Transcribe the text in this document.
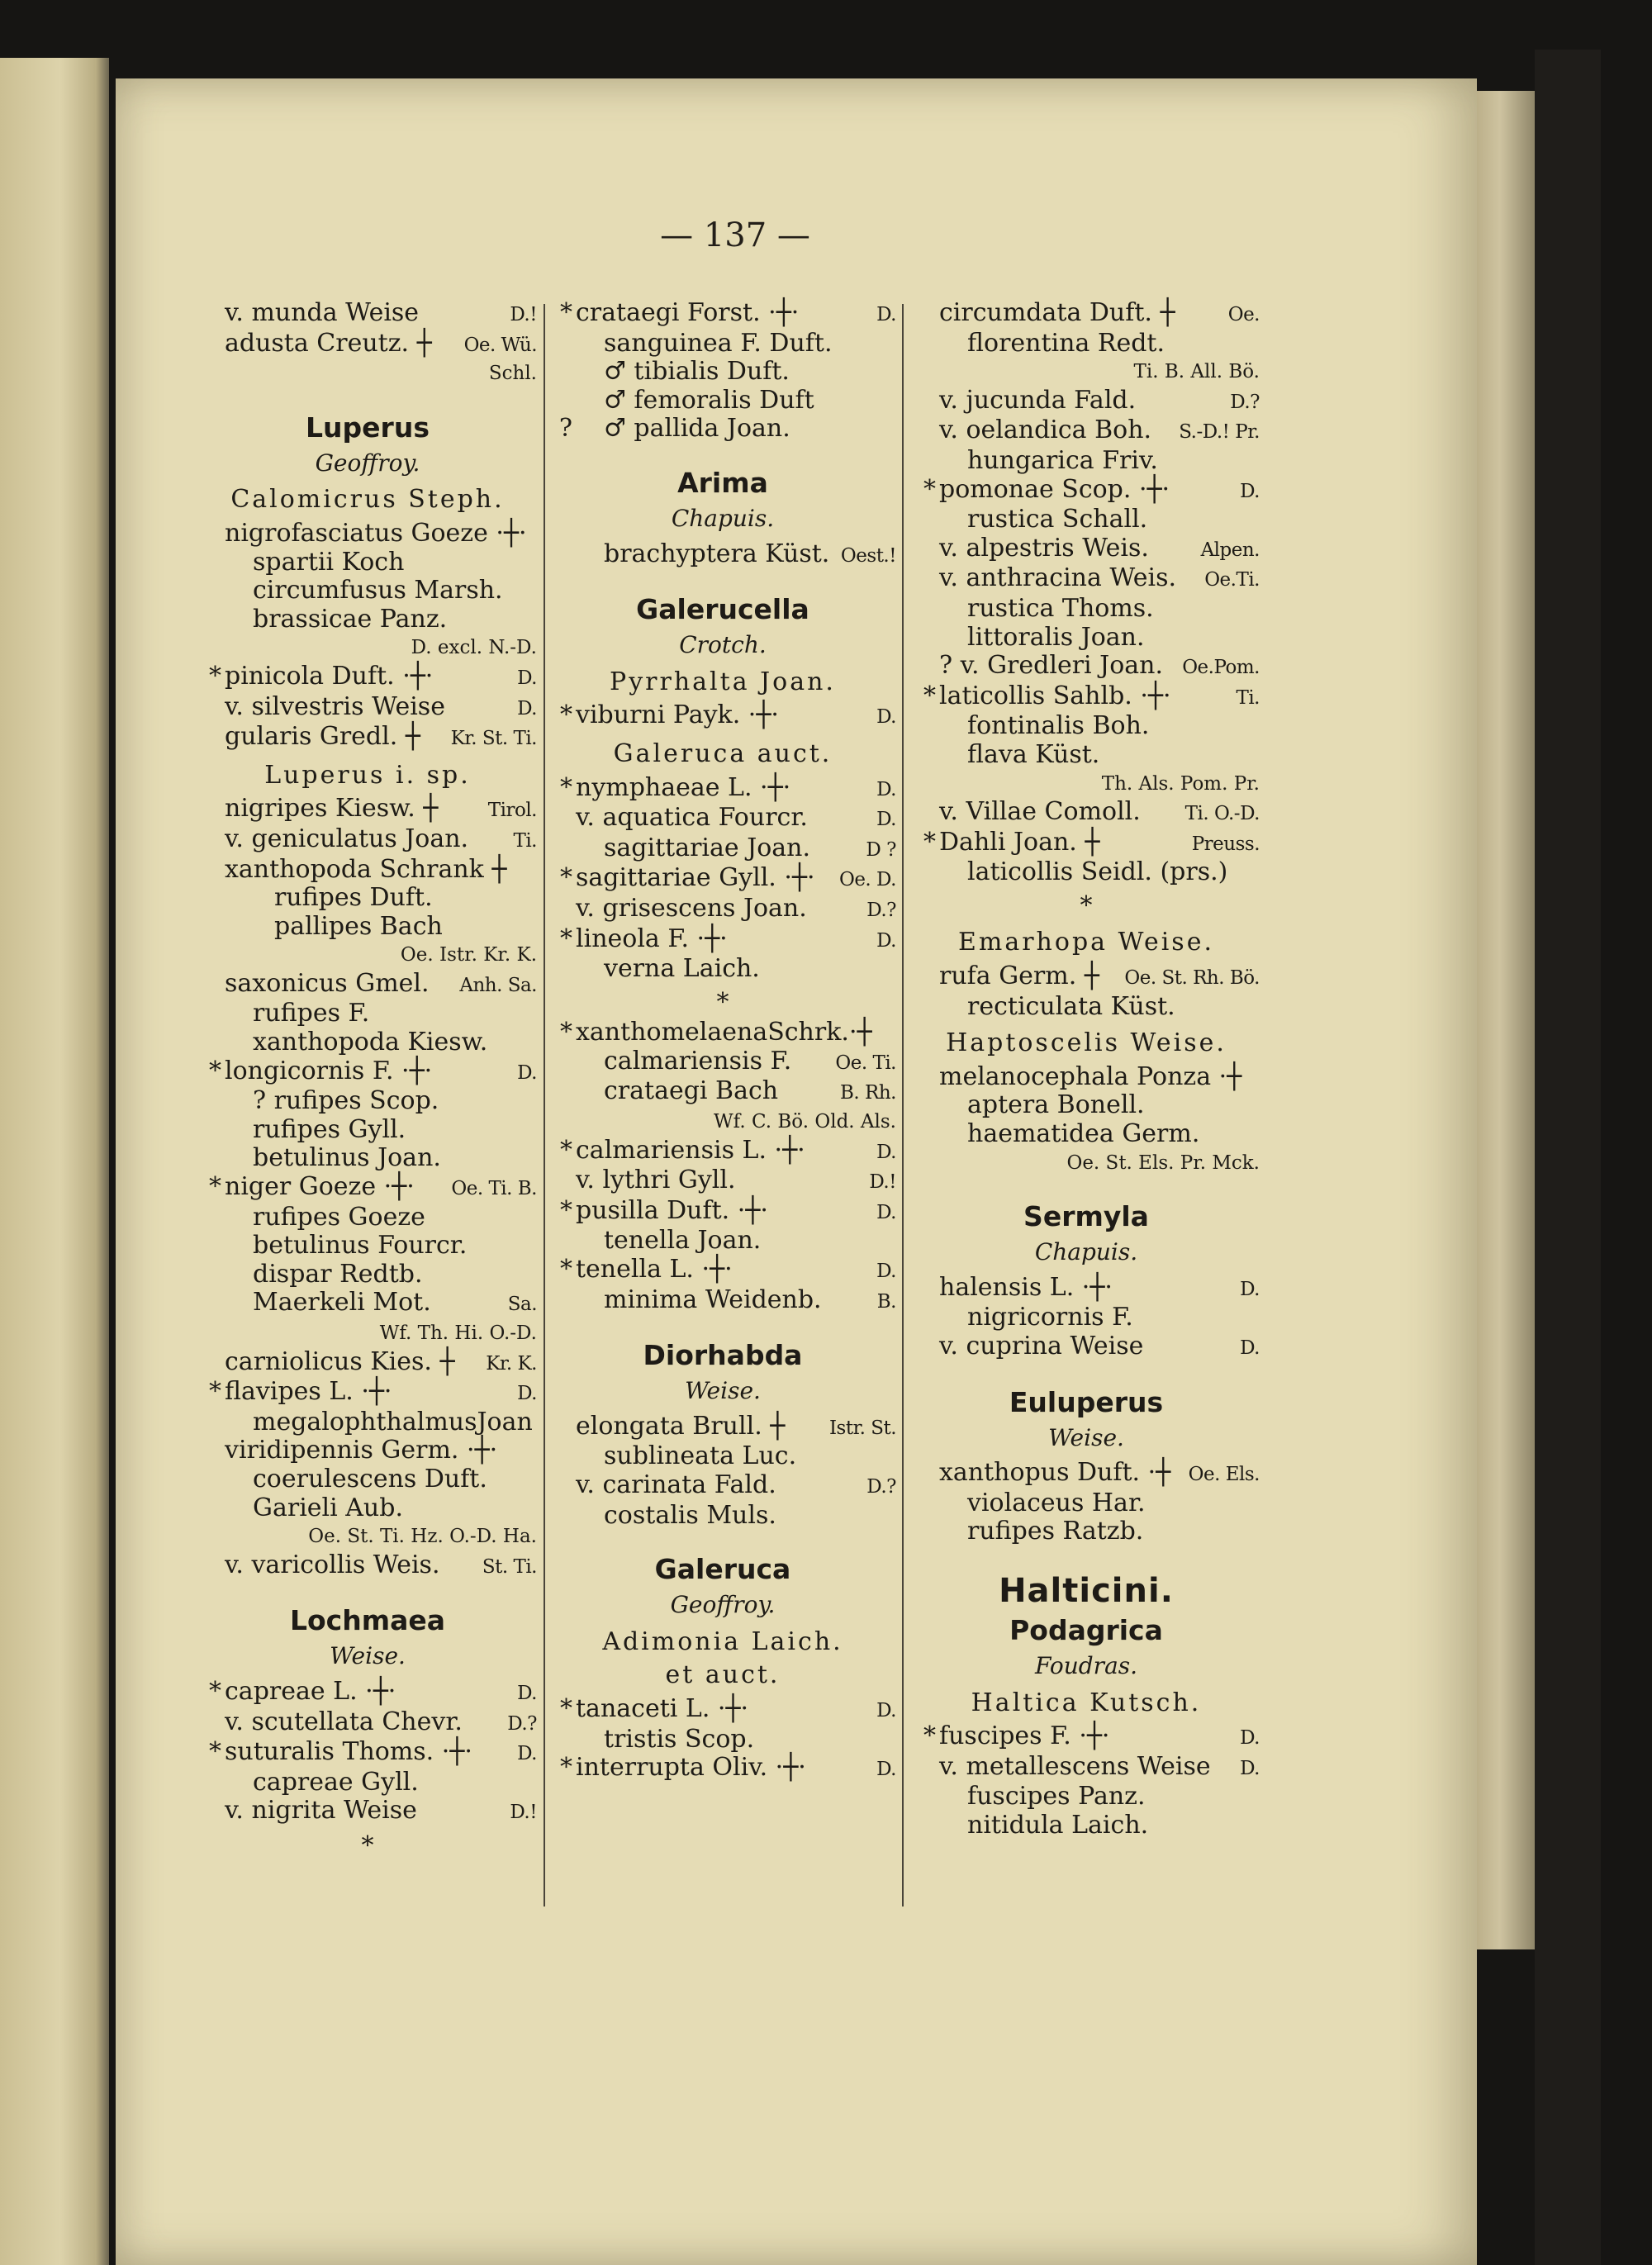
— 137 —
v. munda Weise	D.!
adusta Creutz. ┼ Oe. Wü.
Schl.
Luperus
Geoffroy.
Calomicrus Steph.
nigrofasciatus Goeze ·┼·
spartii Koch
circumfusus Marsh.
brassicae Panz.
D. excl. N.-D.
* pinicola Duft. ·┼·	D.
v. silvestris Weise	D.
gularis Gredl. ┼ Kr. St. Ti.
Luperus i. sp.
nigripes Kiesw. ┼	Tirol.
v. geniculatus Joan. Ti.
xanthopoda Schrank ┼
rufipes Duft.
pallipes Bach
Oe. Istr. Kr. K.
saxonicus Gmel. Anh. Sa.
rufipes F.
xanthopoda Kiesw.
* longicornis F. ·┼·	D.
? rufipes Scop.
rufipes Gyll.
betulinus Joan.
* niger Goeze ·┼· Oe. Ti. B.
rufipes Goeze
betulinus Fourcr.
dispar Redtb.
Maerkeli Mot.	Sa.
Wf. Th. Hi. O.-D.
carniolicus Kies. ┼ Kr. K.
* flavipes L. ·┼·	D.
megalophthalmusJoan
viridipennis Germ. ·┼·
coerulescens Duft.
Garieli Aub.
Oe. St. Ti. Hz. O.-D. Ha.
v. varicollis Weis. St. Ti.
Lochmaea
Weise.
* capreae L. ·┼·	D.
v. scutellata Chevr. D.?
* suturalis Thoms. ·┼· D.
capreae Gyll.
v. nigrita Weise	D.!
*
* crataegi Forst. ·┼·	D.
sanguinea F. Duft.
♂ tibialis Duft.
♂ femoralis Duft
?	♂ pallida Joan.
Arima
Chapuis.
brachyptera Küst. Oest.!
Galerucella
Crotch.
Pyrrhalta Joan.
* viburni Payk. ·┼·	D.
Galeruca auct.
* nymphaeae L. ·┼·	D.
v. aquatica Fourcr.	D.
sagittariae Joan.	D ?
* sagittariae Gyll. ·┼· Oe. D.
v. grisescens Joan.	D.?
* lineola F. ·┼·	D.
verna Laich.
*
* xanthomelaenaSchrk.·┼
calmariensis F. Oe. Ti.
crataegi Bach	B. Rh.
Wf. C. Bö. Old. Als.
* calmariensis L. ·┼·	D.
v. lythri Gyll.	D.!
* pusilla Duft. ·┼·	D.
tenella Joan.
* tenella L. ·┼·	D.
minima Weidenb.	B.
Diorhabda
Weise.
elongata Brull. ┼ Istr. St.
sublineata Luc.
v. carinata Fald.	D.?
costalis Muls.
Galeruca
Geoffroy.
Adimonia Laich.
et auct.
* tanaceti L. ·┼·	D.
tristis Scop.
* interrupta Oliv. ·┼·	D.
circumdata Duft. ┼	Oe.
florentina Redt.
Ti. B. All. Bö.
v. jucunda Fald.	D.?
v. oelandica Boh. S.-D.! Pr.
hungarica Friv.
* pomonae Scop. ·┼·	D.
rustica Schall.
v. alpestris Weis.	Alpen.
v. anthracina Weis. Oe.Ti.
rustica Thoms.
littoralis Joan.
? v. Gredleri Joan. Oe.Pom.
* laticollis Sahlb. ·┼·	Ti.
fontinalis Boh.
flava Küst.
Th. Als. Pom. Pr.
v. Villae Comoll. Ti. O.-D.
* Dahli Joan. ┼	Preuss.
laticollis Seidl. (prs.)
*
Emarhopa Weise.
rufa Germ. ┼ Oe. St. Rh. Bö.
recticulata Küst.
Haptoscelis Weise.
melanocephala Ponza ·┼
aptera Bonell.
haematidea Germ.
Oe. St. Els. Pr. Mck.
Sermyla
Chapuis.
halensis L. ·┼·	D.
nigricornis F.
v. cuprina Weise	D.
Euluperus
Weise.
xanthopus Duft. ·┼ Oe. Els.
violaceus Har.
rufipes Ratzb.
Halticini.
Podagrica
Foudras.
Haltica Kutsch.
* fuscipes F. ·┼·	D.
v. metallescens Weise D.
fuscipes Panz.
nitidula Laich.
